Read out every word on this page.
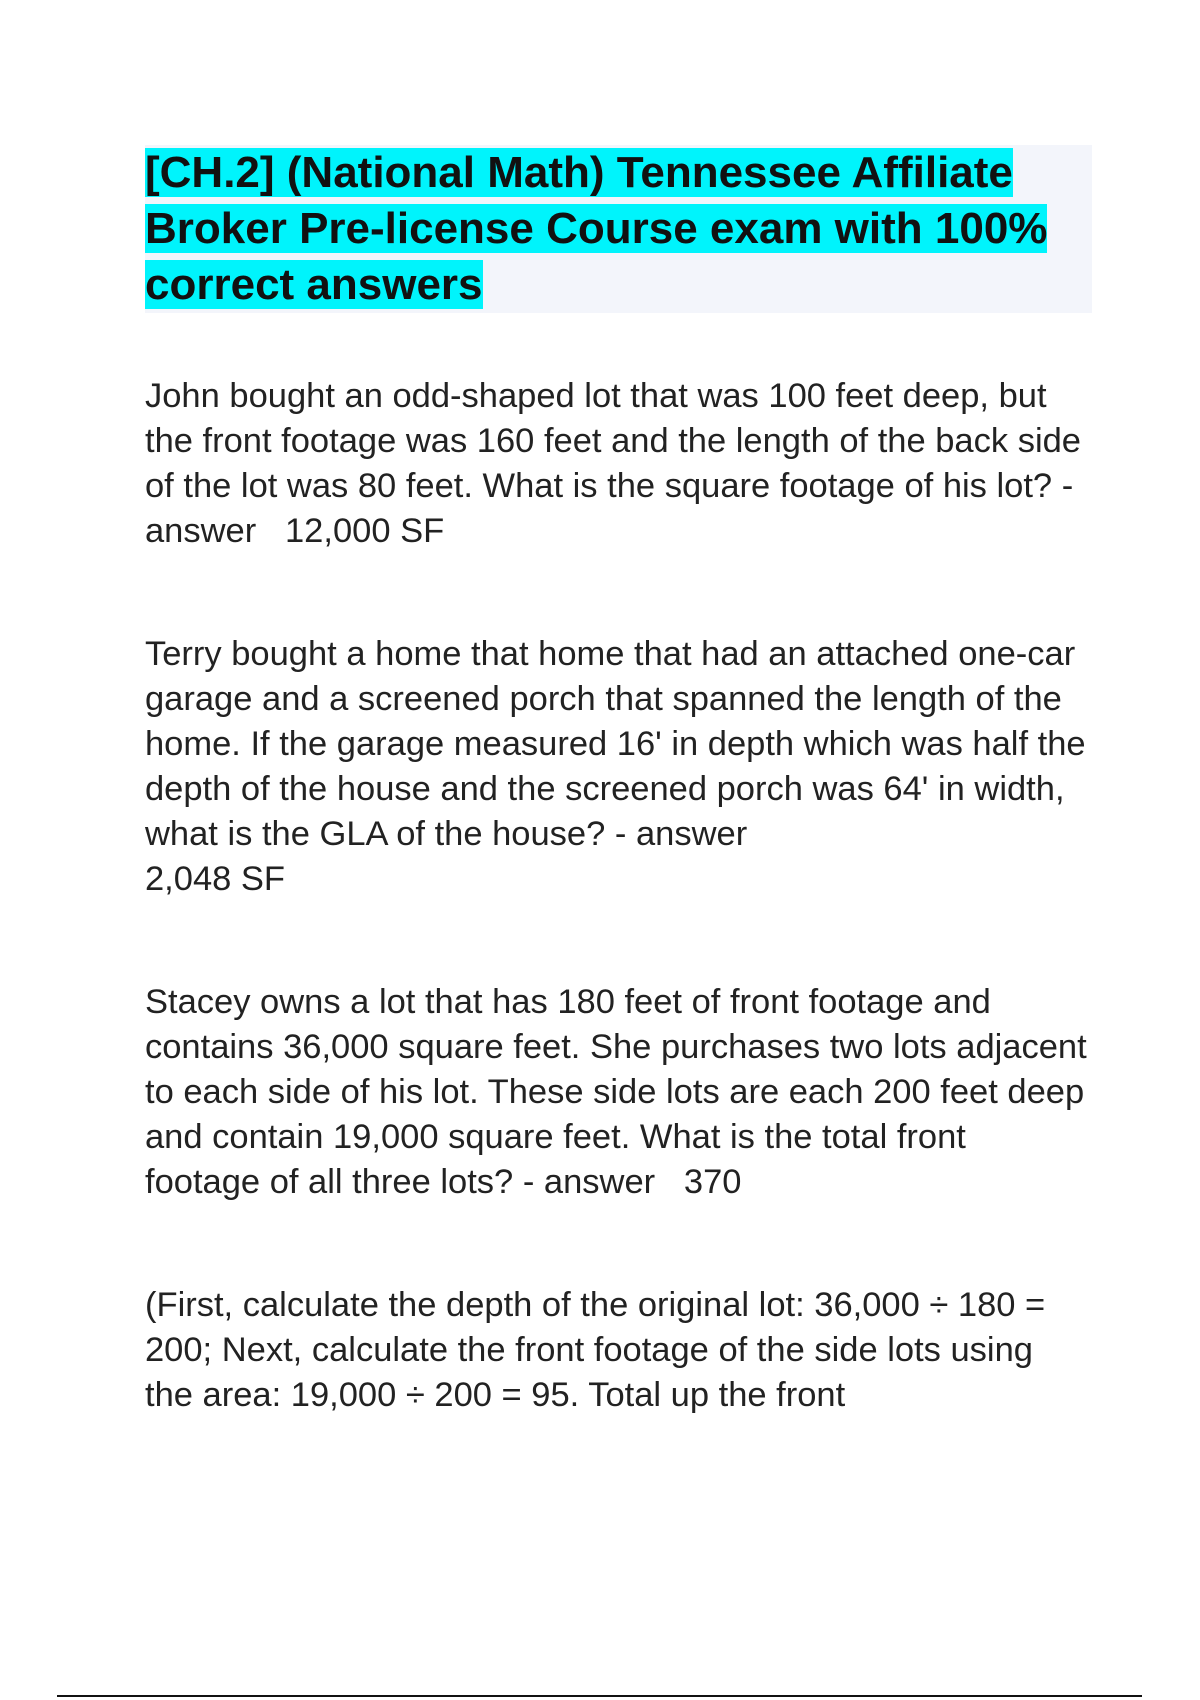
[CH.2] (National Math) Tennessee Affiliate Broker Pre-license Course exam with 100% correct answers

John bought an odd-shaped lot that was 100 feet deep, but the front footage was 160 feet and the length of the back side of the lot was 80 feet. What is the square footage of his lot? - answer 12,000 SF

Terry bought a home that home that had an attached one-car garage and a screened porch that spanned the length of the home. If the garage measured 16' in depth which was half the depth of the house and the screened porch was 64' in width, what is the GLA of the house? - answer
2,048 SF

Stacey owns a lot that has 180 feet of front footage and contains 36,000 square feet. She purchases two lots adjacent to each side of his lot. These side lots are each 200 feet deep and contain 19,000 square feet. What is the total front footage of all three lots? - answer 370

(First, calculate the depth of the original lot: 36,000 ÷ 180 = 200; Next, calculate the front footage of the side lots using the area: 19,000 ÷ 200 = 95. Total up the front
